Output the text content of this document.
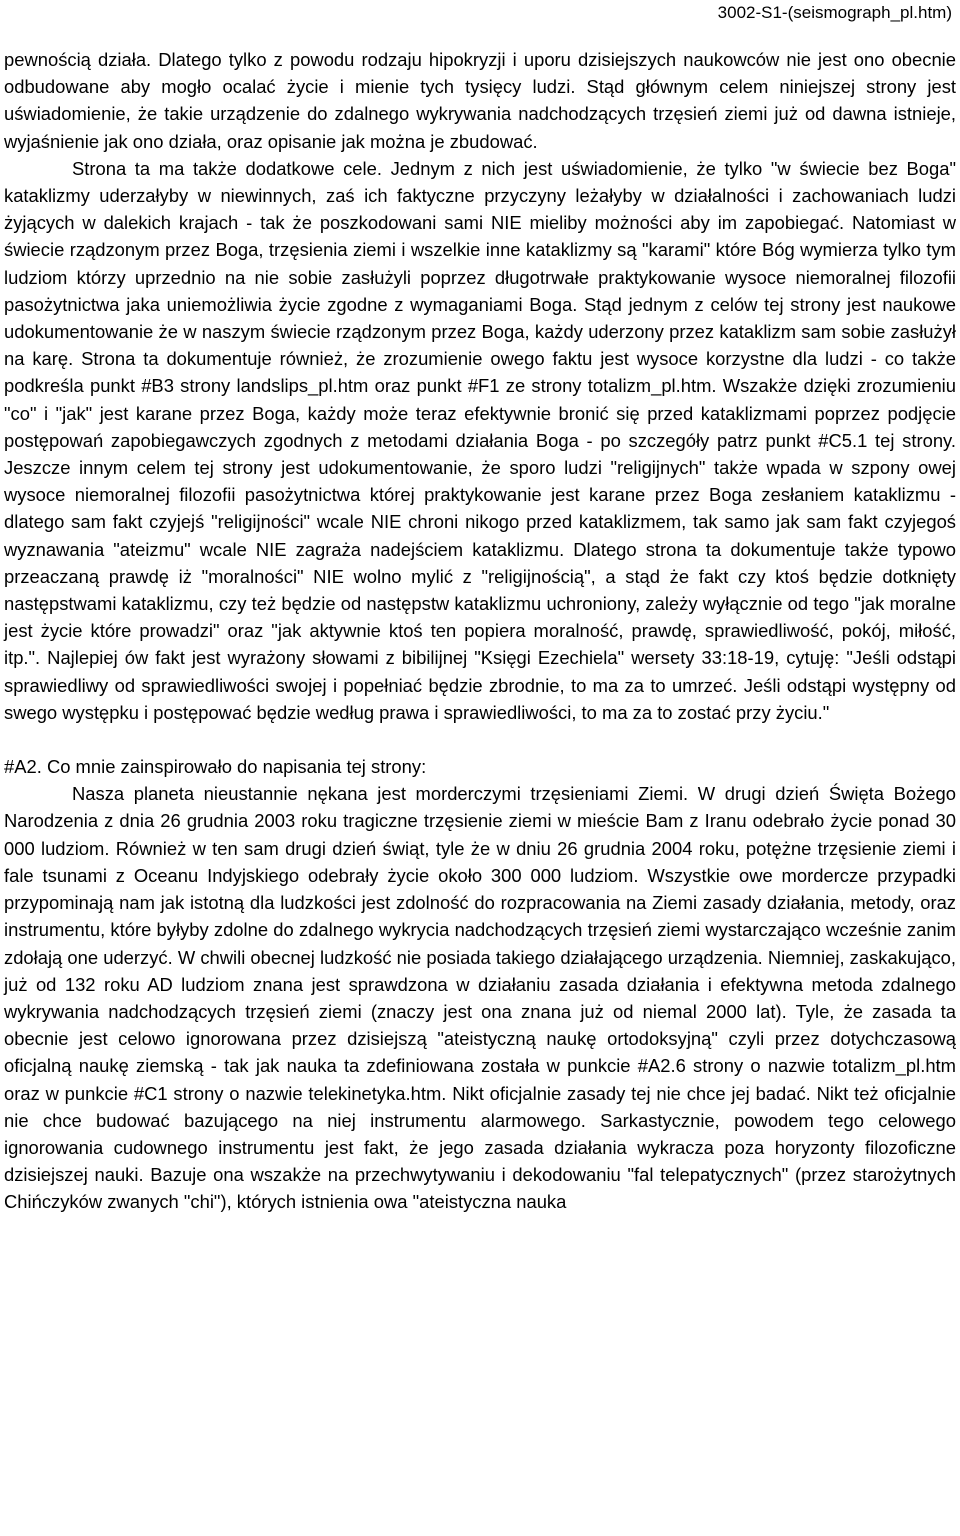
3002-S1-(seismograph_pl.htm)

pewnością działa. Dlatego tylko z powodu rodzaju hipokryzji i uporu dzisiejszych naukowców nie jest ono obecnie odbudowane aby mogło ocalać życie i mienie tych tysięcy ludzi. Stąd głównym celem niniejszej strony jest uświadomienie, że takie urządzenie do zdalnego wykrywania nadchodzących trzęsień ziemi już od dawna istnieje, wyjaśnienie jak ono działa, oraz opisanie jak można je zbudować.

Strona ta ma także dodatkowe cele. Jednym z nich jest uświadomienie, że tylko "w świecie bez Boga" kataklizmy uderzałyby w niewinnych, zaś ich faktyczne przyczyny leżałyby w działalności i zachowaniach ludzi żyjących w dalekich krajach - tak że poszkodowani sami NIE mieliby możności aby im zapobiegać. Natomiast w świecie rządzonym przez Boga, trzęsienia ziemi i wszelkie inne kataklizmy są "karami" które Bóg wymierza tylko tym ludziom którzy uprzednio na nie sobie zasłużyli poprzez długotrwałe praktykowanie wysoce niemoralnej filozofii pasożytnictwa jaka uniemożliwia życie zgodne z wymaganiami Boga. Stąd jednym z celów tej strony jest naukowe udokumentowanie że w naszym świecie rządzonym przez Boga, każdy uderzony przez kataklizm sam sobie zasłużył na karę. Strona ta dokumentuje również, że zrozumienie owego faktu jest wysoce korzystne dla ludzi - co także podkreśla punkt #B3 strony landslips_pl.htm oraz punkt #F1 ze strony totalizm_pl.htm. Wszakże dzięki zrozumieniu "co" i "jak" jest karane przez Boga, każdy może teraz efektywnie bronić się przed kataklizmami poprzez podjęcie postępowań zapobiegawczych zgodnych z metodami działania Boga - po szczegóły patrz punkt #C5.1 tej strony. Jeszcze innym celem tej strony jest udokumentowanie, że sporo ludzi "religijnych" także wpada w szpony owej wysoce niemoralnej filozofii pasożytnictwa której praktykowanie jest karane przez Boga zesłaniem kataklizmu - dlatego sam fakt czyjejś "religijności" wcale NIE chroni nikogo przed kataklizmem, tak samo jak sam fakt czyjegoś wyznawania "ateizmu" wcale NIE zagraża nadejściem kataklizmu. Dlatego strona ta dokumentuje także typowo przeaczaną prawdę iż "moralności" NIE wolno mylić z "religijnością", a stąd że fakt czy ktoś będzie dotknięty następstwami kataklizmu, czy też będzie od następstw kataklizmu uchroniony, zależy wyłącznie od tego "jak moralne jest życie które prowadzi" oraz "jak aktywnie ktoś ten popiera moralność, prawdę, sprawiedliwość, pokój, miłość, itp.". Najlepiej ów fakt jest wyrażony słowami z bibilijnej "Księgi Ezechiela" wersety 33:18-19, cytuję: "Jeśli odstąpi sprawiedliwy od sprawiedliwości swojej i popełniać będzie zbrodnie, to ma za to umrzeć. Jeśli odstąpi występny od swego występku i postępować będzie według prawa i sprawiedliwości, to ma za to zostać przy życiu."

#A2. Co mnie zainspirowało do napisania tej strony:

Nasza planeta nieustannie nękana jest morderczymi trzęsieniami Ziemi. W drugi dzień Święta Bożego Narodzenia z dnia 26 grudnia 2003 roku tragiczne trzęsienie ziemi w mieście Bam z Iranu odebrało życie ponad 30 000 ludziom. Również w ten sam drugi dzień świąt, tyle że w dniu 26 grudnia 2004 roku, potężne trzęsienie ziemi i fale tsunami z Oceanu Indyjskiego odebrały życie około 300 000 ludziom. Wszystkie owe mordercze przypadki przypominają nam jak istotną dla ludzkości jest zdolność do rozpracowania na Ziemi zasady działania, metody, oraz instrumentu, które byłyby zdolne do zdalnego wykrycia nadchodzących trzęsień ziemi wystarczająco wcześnie zanim zdołają one uderzyć. W chwili obecnej ludzkość nie posiada takiego działającego urządzenia. Niemniej, zaskakująco, już od 132 roku AD ludziom znana jest sprawdzona w działaniu zasada działania i efektywna metoda zdalnego wykrywania nadchodzących trzęsień ziemi (znaczy jest ona znana już od niemal 2000 lat). Tyle, że zasada ta obecnie jest celowo ignorowana przez dzisiejszą "ateistyczną naukę ortodoksyjną" czyli przez dotychczasową oficjalną naukę ziemską - tak jak nauka ta zdefiniowana została w punkcie #A2.6 strony o nazwie totalizm_pl.htm oraz w punkcie #C1 strony o nazwie telekinetyka.htm. Nikt oficjalnie zasady tej nie chce jej badać. Nikt też oficjalnie nie chce budować bazującego na niej instrumentu alarmowego. Sarkastycznie, powodem tego celowego ignorowania cudownego instrumentu jest fakt, że jego zasada działania wykracza poza horyzonty filozoficzne dzisiejszej nauki. Bazuje ona wszakże na przechwytywaniu i dekodowaniu "fal telepatycznych" (przez starożytnych Chińczyków zwanych "chi"), których istnienia owa "ateistyczna nauka
